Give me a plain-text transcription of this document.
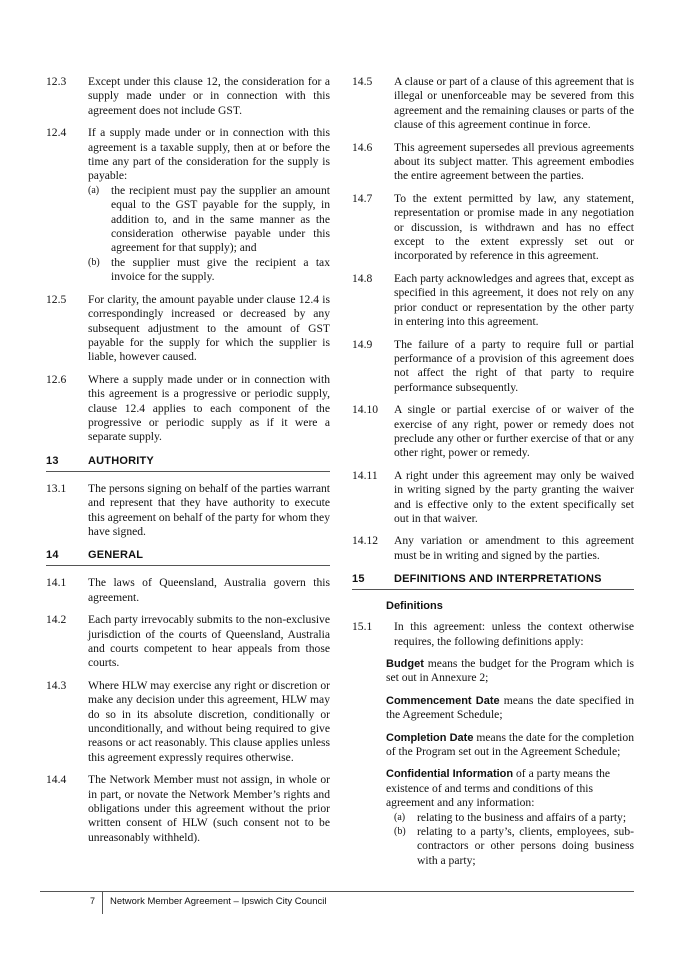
12.3	Except under this clause 12, the consideration for a supply made under or in connection with this agreement does not include GST.
12.4	If a supply made under or in connection with this agreement is a taxable supply, then at or before the time any part of the consideration for the supply is payable:
(a)	the recipient must pay the supplier an amount equal to the GST payable for the supply, in addition to, and in the same manner as the consideration otherwise payable under this agreement for that supply); and
(b) the supplier must give the recipient a tax invoice for the supply.
12.5	For clarity, the amount payable under clause 12.4 is correspondingly increased or decreased by any subsequent adjustment to the amount of GST payable for the supply for which the supplier is liable, however caused.
12.6	Where a supply made under or in connection with this agreement is a progressive or periodic supply, clause 12.4 applies to each component of the progressive or periodic supply as if it were a separate supply.
13	AUTHORITY
13.1	The persons signing on behalf of the parties warrant and represent that they have authority to execute this agreement on behalf of the party for whom they have signed.
14	GENERAL
14.1	The laws of Queensland, Australia govern this agreement.
14.2	Each party irrevocably submits to the non-exclusive jurisdiction of the courts of Queensland, Australia and courts competent to hear appeals from those courts.
14.3	Where HLW may exercise any right or discretion or make any decision under this agreement, HLW may do so in its absolute discretion, conditionally or unconditionally, and without being required to give reasons or act reasonably. This clause applies unless this agreement expressly requires otherwise.
14.4	The Network Member must not assign, in whole or in part, or novate the Network Member’s rights and obligations under this agreement without the prior written consent of HLW (such consent not to be unreasonably withheld).
14.5	A clause or part of a clause of this agreement that is illegal or unenforceable may be severed from this agreement and the remaining clauses or parts of the clause of this agreement continue in force.
14.6	This agreement supersedes all previous agreements about its subject matter. This agreement embodies the entire agreement between the parties.
14.7	To the extent permitted by law, any statement, representation or promise made in any negotiation or discussion, is withdrawn and has no effect except to the extent expressly set out or incorporated by reference in this agreement.
14.8	Each party acknowledges and agrees that, except as specified in this agreement, it does not rely on any prior conduct or representation by the other party in entering into this agreement.
14.9	The failure of a party to require full or partial performance of a provision of this agreement does not affect the right of that party to require performance subsequently.
14.10	A single or partial exercise of or waiver of the exercise of any right, power or remedy does not preclude any other or further exercise of that or any other right, power or remedy.
14.11	A right under this agreement may only be waived in writing signed by the party granting the waiver and is effective only to the extent specifically set out in that waiver.
14.12	Any variation or amendment to this agreement must be in writing and signed by the parties.
15	DEFINITIONS AND INTERPRETATIONS
Definitions
15.1	In this agreement: unless the context otherwise requires, the following definitions apply:
Budget means the budget for the Program which is set out in Annexure 2;
Commencement Date means the date specified in the Agreement Schedule;
Completion Date means the date for the completion of the Program set out in the Agreement Schedule;
Confidential Information of a party means the existence of and terms and conditions of this agreement and any information:
(a)	relating to the business and affairs of a party;
(b) relating to a party’s, clients, employees, sub-contractors or other persons doing business with a party;
7 Network Member Agreement – Ipswich City Council
